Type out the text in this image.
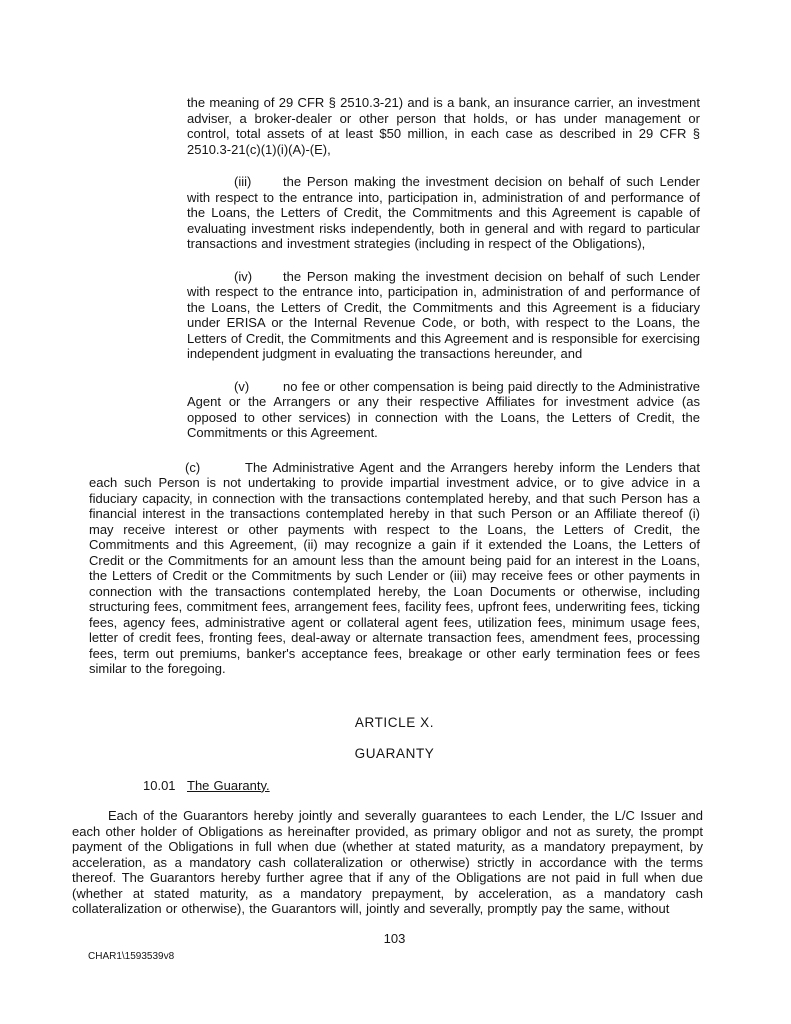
the meaning of 29 CFR § 2510.3-21) and is a bank, an insurance carrier, an investment adviser, a broker-dealer or other person that holds, or has under management or control, total assets of at least $50 million, in each case as described in 29 CFR § 2510.3-21(c)(1)(i)(A)-(E),

(iii) the Person making the investment decision on behalf of such Lender with respect to the entrance into, participation in, administration of and performance of the Loans, the Letters of Credit, the Commitments and this Agreement is capable of evaluating investment risks independently, both in general and with regard to particular transactions and investment strategies (including in respect of the Obligations),

(iv) the Person making the investment decision on behalf of such Lender with respect to the entrance into, participation in, administration of and performance of the Loans, the Letters of Credit, the Commitments and this Agreement is a fiduciary under ERISA or the Internal Revenue Code, or both, with respect to the Loans, the Letters of Credit, the Commitments and this Agreement and is responsible for exercising independent judgment in evaluating the transactions hereunder, and

(v)	no fee or other compensation is being paid directly to the Administrative Agent or the Arrangers or any their respective Affiliates for investment advice (as opposed to other services) in connection with the Loans, the Letters of Credit, the Commitments or this Agreement.

(c)	The Administrative Agent and the Arrangers hereby inform the Lenders that each such Person is not undertaking to provide impartial investment advice, or to give advice in a fiduciary capacity, in connection with the transactions contemplated hereby, and that such Person has a financial interest in the transactions contemplated hereby in that such Person or an Affiliate thereof (i) may receive interest or other payments with respect to the Loans, the Letters of Credit, the Commitments and this Agreement, (ii) may recognize a gain if it extended the Loans, the Letters of Credit or the Commitments for an amount less than the amount being paid for an interest in the Loans, the Letters of Credit or the Commitments by such Lender or (iii) may receive fees or other payments in connection with the transactions contemplated hereby, the Loan Documents or otherwise, including structuring fees, commitment fees, arrangement fees, facility fees, upfront fees, underwriting fees, ticking fees, agency fees, administrative agent or collateral agent fees, utilization fees, minimum usage fees, letter of credit fees, fronting fees, deal-away or alternate transaction fees, amendment fees, processing fees, term out premiums, banker's acceptance fees, breakage or other early termination fees or fees similar to the foregoing.

ARTICLE X.

GUARANTY

10.01 The Guaranty.

Each of the Guarantors hereby jointly and severally guarantees to each Lender, the L/C Issuer and each other holder of Obligations as hereinafter provided, as primary obligor and not as surety, the prompt payment of the Obligations in full when due (whether at stated maturity, as a mandatory prepayment, by acceleration, as a mandatory cash collateralization or otherwise) strictly in accordance with the terms thereof. The Guarantors hereby further agree that if any of the Obligations are not paid in full when due (whether at stated maturity, as a mandatory prepayment, by acceleration, as a mandatory cash collateralization or otherwise), the Guarantors will, jointly and severally, promptly pay the same, without

103
CHAR1\1593539v8
